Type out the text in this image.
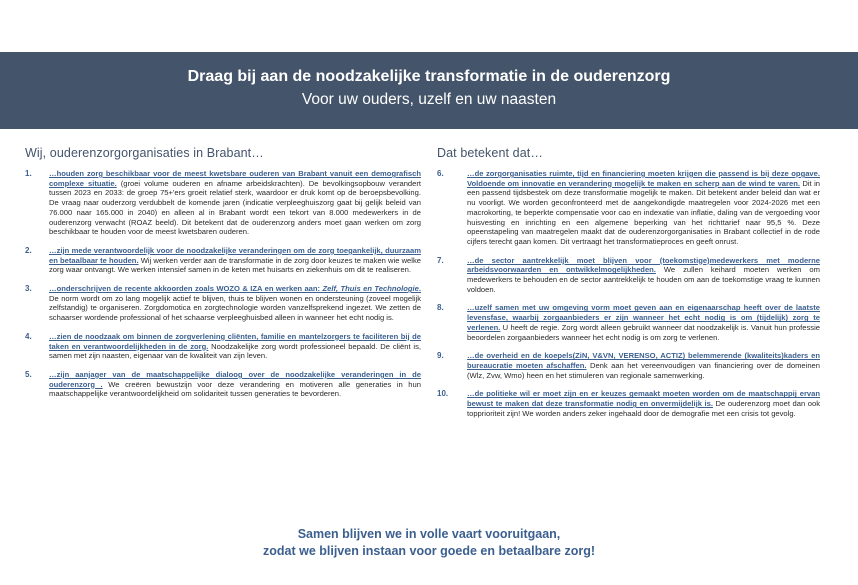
Draag bij aan de noodzakelijke transformatie in de ouderenzorg
Voor uw ouders, uzelf en uw naasten
Wij, ouderenzorgorganisaties in Brabant…
1.	…houden zorg beschikbaar voor de meest kwetsbare ouderen van Brabant vanuit een demografisch complexe situatie. (groei volume ouderen en afname arbeidskrachten). De bevolkingsopbouw verandert tussen 2023 en 2033: de groep 75+'ers groeit relatief sterk, waardoor er druk komt op de beroepsbevolking. De vraag naar ouderzorg verdubbelt de komende jaren (indicatie verpleeghuiszorg gaat bij gelijk beleid van 76.000 naar 165.000 in 2040) en alleen al in Brabant wordt een tekort van 8.000 medewerkers in de ouderenzorg verwacht (ROAZ beeld). Dit betekent dat de ouderenzorg anders moet gaan werken om zorg beschikbaar te houden voor de meest kwetsbaren ouderen.
2.	…zijn mede verantwoordelijk voor de noodzakelijke veranderingen om de zorg toegankelijk, duurzaam en betaalbaar te houden. Wij werken verder aan de transformatie in de zorg door keuzes te maken wie welke zorg waar ontvangt. We werken intensief samen in de keten met huisarts en ziekenhuis om dit te realiseren.
3.	…onderschrijven de recente akkoorden zoals WOZO & IZA en werken aan: Zelf, Thuis en Technologie. De norm wordt om zo lang mogelijk actief te blijven, thuis te blijven wonen en ondersteuning (zoveel mogelijk zelfstandig) te organiseren. Zorgdomotica en zorgtechnologie worden vanzelfsprekend ingezet. We zetten de schaarser wordende professional of het schaarse verpleeghuisbed alleen in wanneer het echt nodig is.
4.	…zien de noodzaak om binnen de zorgverlening cliënten, familie en mantelzorgers te faciliteren bij de taken en verantwoordelijkheden in de zorg. Noodzakelijke zorg wordt professioneel bepaald. De cliënt is, samen met zijn naasten, eigenaar van de kwaliteit van zijn leven.
5.	…zijn aanjager van de maatschappelijke dialoog over de noodzakelijke veranderingen in de ouderenzorg . We creëren bewustzijn voor deze verandering en motiveren alle generaties in hun maatschappelijke verantwoordelijkheid om solidariteit tussen generaties te bevorderen.
Dat betekent dat…
6.	…de zorgorganisaties ruimte, tijd en financiering moeten krijgen die passend is bij deze opgave. Voldoende om innovatie en verandering mogelijk te maken en scherp aan de wind te varen. Dit in een passend tijdsbestek om deze transformatie mogelijk te maken. Dit betekent ander beleid dan wat er nu voorligt. We worden geconfronteerd met de aangekondigde maatregelen voor 2024-2026 met een macrokorting, te beperkte compensatie voor cao en indexatie van inflatie, daling van de vergoeding voor huisvesting en inrichting en een algemene beperking van het richttarief naar 95,5 %. Deze opeenstapeling van maatregelen maakt dat de ouderenzorgorganisaties in Brabant collectief in de rode cijfers terecht gaan komen. Dit vertraagt het transformatieproces en geeft onrust.
7.	…de sector aantrekkelijk moet blijven voor (toekomstige)medewerkers met moderne arbeidsvoorwaarden en ontwikkelmogelijkheden. We zullen keihard moeten werken om medewerkers te behouden en de sector aantrekkelijk te houden om aan de toekomstige vraag te kunnen voldoen.
8.	…uzelf samen met uw omgeving vorm moet geven aan en eigenaarschap heeft over de laatste levensfase, waarbij zorgaanbieders er zijn wanneer het echt nodig is om (tijdelijk) zorg te verlenen. U heeft de regie. Zorg wordt alleen gebruikt wanneer dat noodzakelijk is. Vanuit hun professie beoordelen zorgaanbieders wanneer het echt nodig is om zorg te verlenen.
9.	…de overheid en de koepels(ZiN, V&VN, VERENSO, ACTIZ) belemmerende (kwaliteits)kaders en bureaucratie moeten afschaffen. Denk aan het vereenvoudigen van financiering over de domeinen (Wlz, Zvw, Wmo) heen en het stimuleren van regionale samenwerking.
10.	…de politieke wil er moet zijn en er keuzes gemaakt moeten worden om de maatschappij ervan bewust te maken dat deze transformatie nodig en onvermijdelijk is. De ouderenzorg moet dan ook topprioriteit zijn! We worden anders zeker ingehaald door de demografie met een crisis tot gevolg.
Samen blijven we in volle vaart vooruitgaan,
zodat we blijven instaan voor goede en betaalbare zorg!
